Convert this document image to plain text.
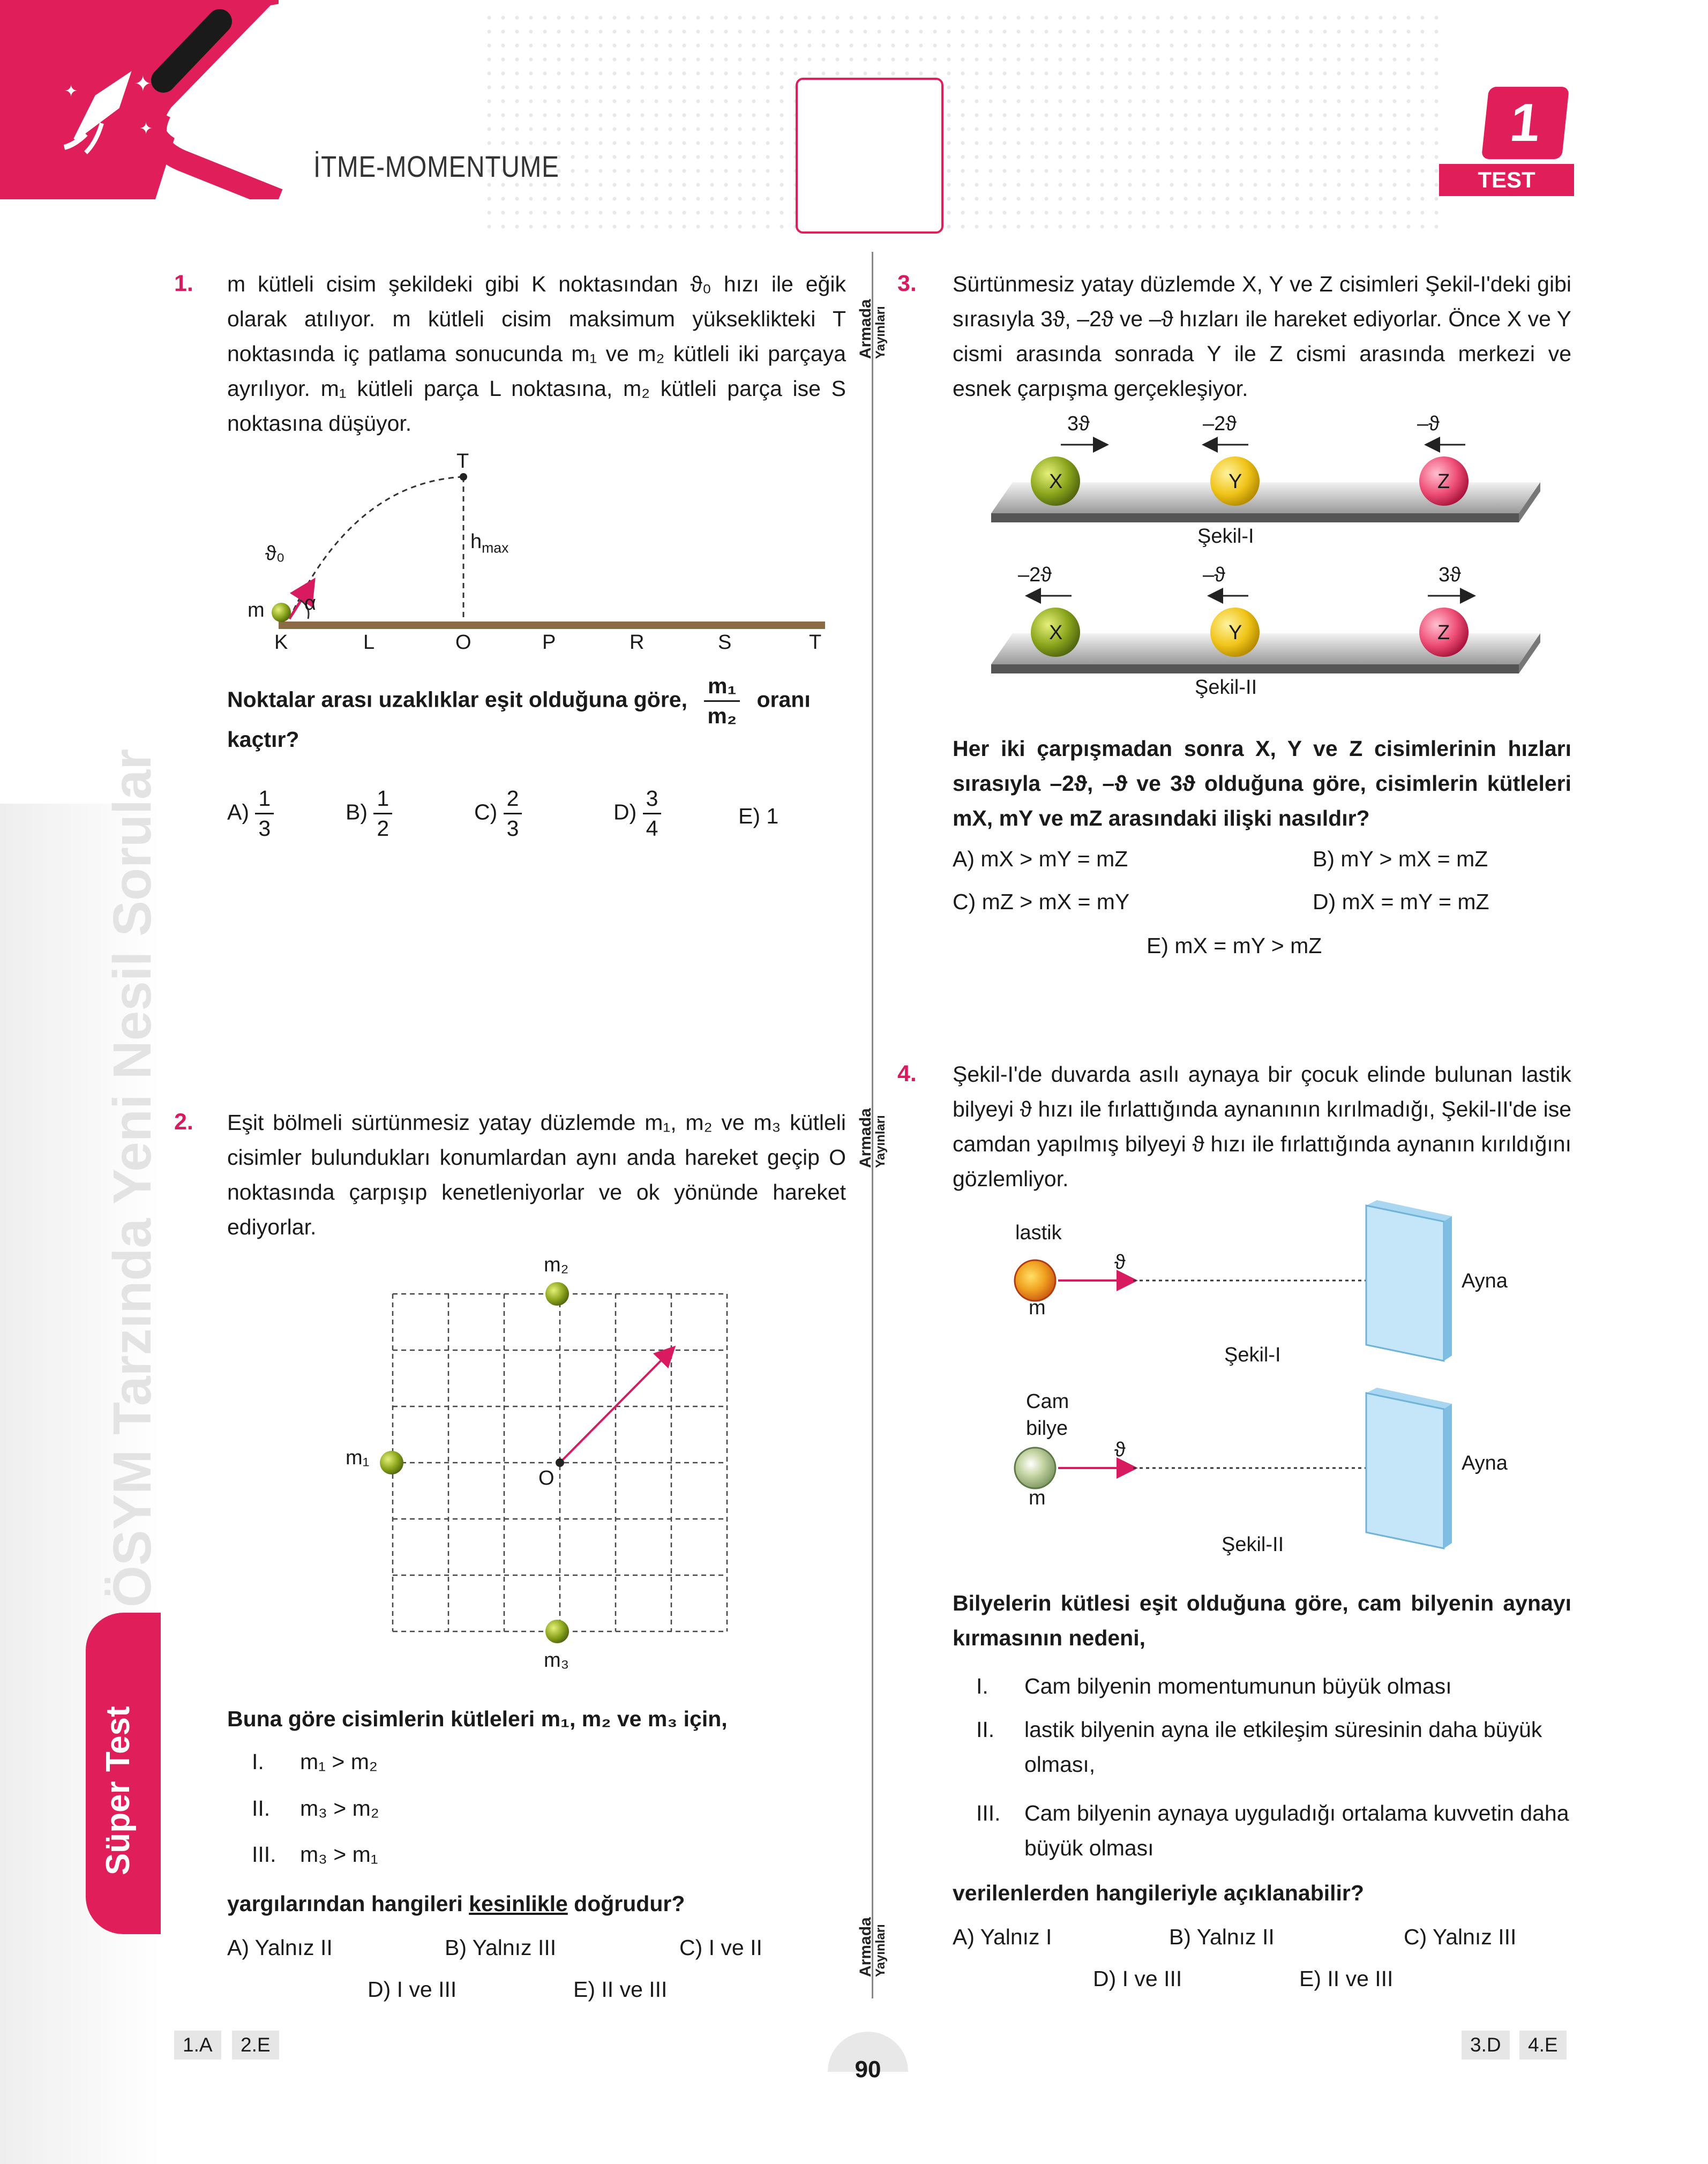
✦
✦
✦
İTME-MOMENTUME
1
TEST
ÖSYM Tarzında Yeni Nesil Sorular
Süper Test
Armada
Yayınları
Armada
Yayınları
Armada
Yayınları
1. m kütleli cisim şekildeki gibi K noktasından ϑ₀ hızı ile eğik olarak atılıyor. m kütleli cisim maksimum yükseklikteki T noktasında iç patlama sonucunda m₁ ve m₂ kütleli iki parçaya ayrılıyor. m₁ kütleli parça L noktasına, m₂ kütleli parça ise S noktasına düşüyor.
T
$h_{max}$
ϑ₀
α
m
K	L	O	P	R	S	T
Noktalar arası uzaklıklar eşit olduğuna göre, $\frac{\text{m₁}}{\text{m₂}}$ oranı kaçtır?
$A) \frac{1}{3}$	$B) \frac{1}{2}$	$C) \frac{2}{3}$	$D) \frac{3}{4}$	E) 1
2. Eşit bölmeli sürtünmesiz yatay düzlemde m₁, m₂ ve m₃ kütleli cisimler bulundukları konumlardan aynı anda hareket geçip O noktasında çarpışıp kenetleniyorlar ve ok yönünde hareket ediyorlar.
m₂
m₁
O
m₃
Buna göre cisimlerin kütleleri m₁, m₂ ve m₃ için,
I. m₁ > m₂
II. m₃ > m₂
III. m₃ > m₁
yargılarından hangileri kesinlikle doğrudur?
A) Yalnız II	B) Yalnız III	C) I ve II
D) I ve III	E) II ve III
3. Sürtünmesiz yatay düzlemde X, Y ve Z cisimleri Şekil-I'deki gibi sırasıyla 3ϑ, –2ϑ ve –ϑ hızları ile hareket ediyorlar. Önce X ve Y cismi arasında sonrada Y ile Z cismi arasında merkezi ve esnek çarpışma gerçekleşiyor.
3ϑ	–2ϑ	–ϑ
X	Y	Z
Şekil-I
–2ϑ	–ϑ	3ϑ
X	Y	Z
Şekil-II
Her iki çarpışmadan sonra X, Y ve Z cisimlerinin hızları sırasıyla –2ϑ, –ϑ ve 3ϑ olduğuna göre, cisimlerin kütleleri mX, mY ve mZ arasındaki ilişki nasıldır?
A) mX > mY = mZ	B) mY > mX = mZ
C) mZ > mX = mY	D) mX = mY = mZ
E) mX = mY > mZ
4. Şekil-I'de duvarda asılı aynaya bir çocuk elinde bulunan lastik bilyeyi ϑ hızı ile fırlattığında aynanının kırılmadığı, Şekil-II'de ise camdan yapılmış bilyeyi ϑ hızı ile fırlattığında aynanın kırıldığını gözlemliyor.
lastik
ϑ
m
Ayna
Şekil-I
Cam
bilye
ϑ
m
Ayna
Şekil-II
Bilyelerin kütlesi eşit olduğuna göre, cam bilyenin aynayı kırmasının nedeni,
I.	Cam bilyenin momentumunun büyük olması
II.	lastik bilyenin ayna ile etkileşim süresinin daha büyük olması,
III.	Cam bilyenin aynaya uyguladığı ortalama kuvvetin daha büyük olması
verilenlerden hangileriyle açıklanabilir?
A) Yalnız I	B) Yalnız II	C) Yalnız III
D) I ve III	E) II ve III
1.A	2.E	3.D	4.E
90
